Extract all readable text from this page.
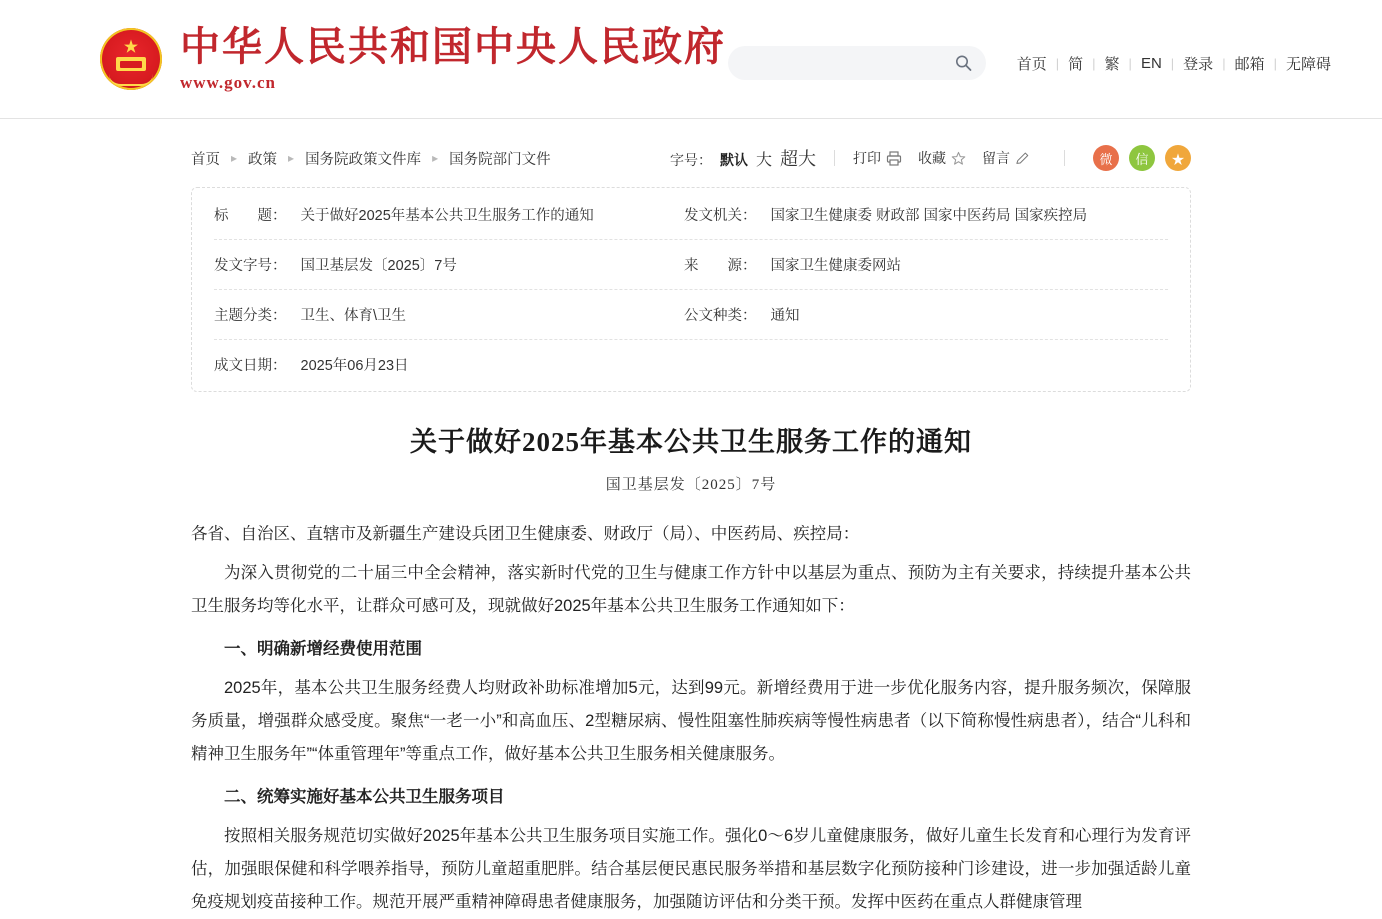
★ 中华人民共和国中央人民政府
www.gov.cn
首页 | 简 | 繁 | EN | 登录 | 邮箱 | 无障碍
首页 ▸ 政策 ▸ 国务院政策文件库 ▸ 国务院部门文件	字号： 默认 大 超大	打印	收藏	留言	微	信	★
标　　题： 关于做好2025年基本公共卫生服务工作的通知	发文机关： 国家卫生健康委 财政部 国家中医药局 国家疾控局
发文字号： 国卫基层发〔2025〕7号	来　　源： 国家卫生健康委网站
主题分类： 卫生、体育\卫生	公文种类： 通知
成文日期： 2025年06月23日
关于做好2025年基本公共卫生服务工作的通知
国卫基层发〔2025〕7号

各省、自治区、直辖市及新疆生产建设兵团卫生健康委、财政厅（局）、中医药局、疾控局：

为深入贯彻党的二十届三中全会精神，落实新时代党的卫生与健康工作方针中以基层为重点、预防为主有关要求，持续提升基本公共卫生服务均等化水平，让群众可感可及，现就做好2025年基本公共卫生服务工作通知如下：

一、明确新增经费使用范围

2025年，基本公共卫生服务经费人均财政补助标准增加5元，达到99元。新增经费用于进一步优化服务内容，提升服务频次，保障服务质量，增强群众感受度。聚焦“一老一小”和高血压、2型糖尿病、慢性阻塞性肺疾病等慢性病患者（以下简称慢性病患者），结合“儿科和精神卫生服务年”“体重管理年”等重点工作，做好基本公共卫生服务相关健康服务。

二、统筹实施好基本公共卫生服务项目

按照相关服务规范切实做好2025年基本公共卫生服务项目实施工作。强化0～6岁儿童健康服务，做好儿童生长发育和心理行为发育评估，加强眼保健和科学喂养指导，预防儿童超重肥胖。结合基层便民惠民服务举措和基层数字化预防接种门诊建设，进一步加强适龄儿童免疫规划疫苗接种工作。规范开展严重精神障碍患者健康服务，加强随访评估和分类干预。发挥中医药在重点人群健康管理
